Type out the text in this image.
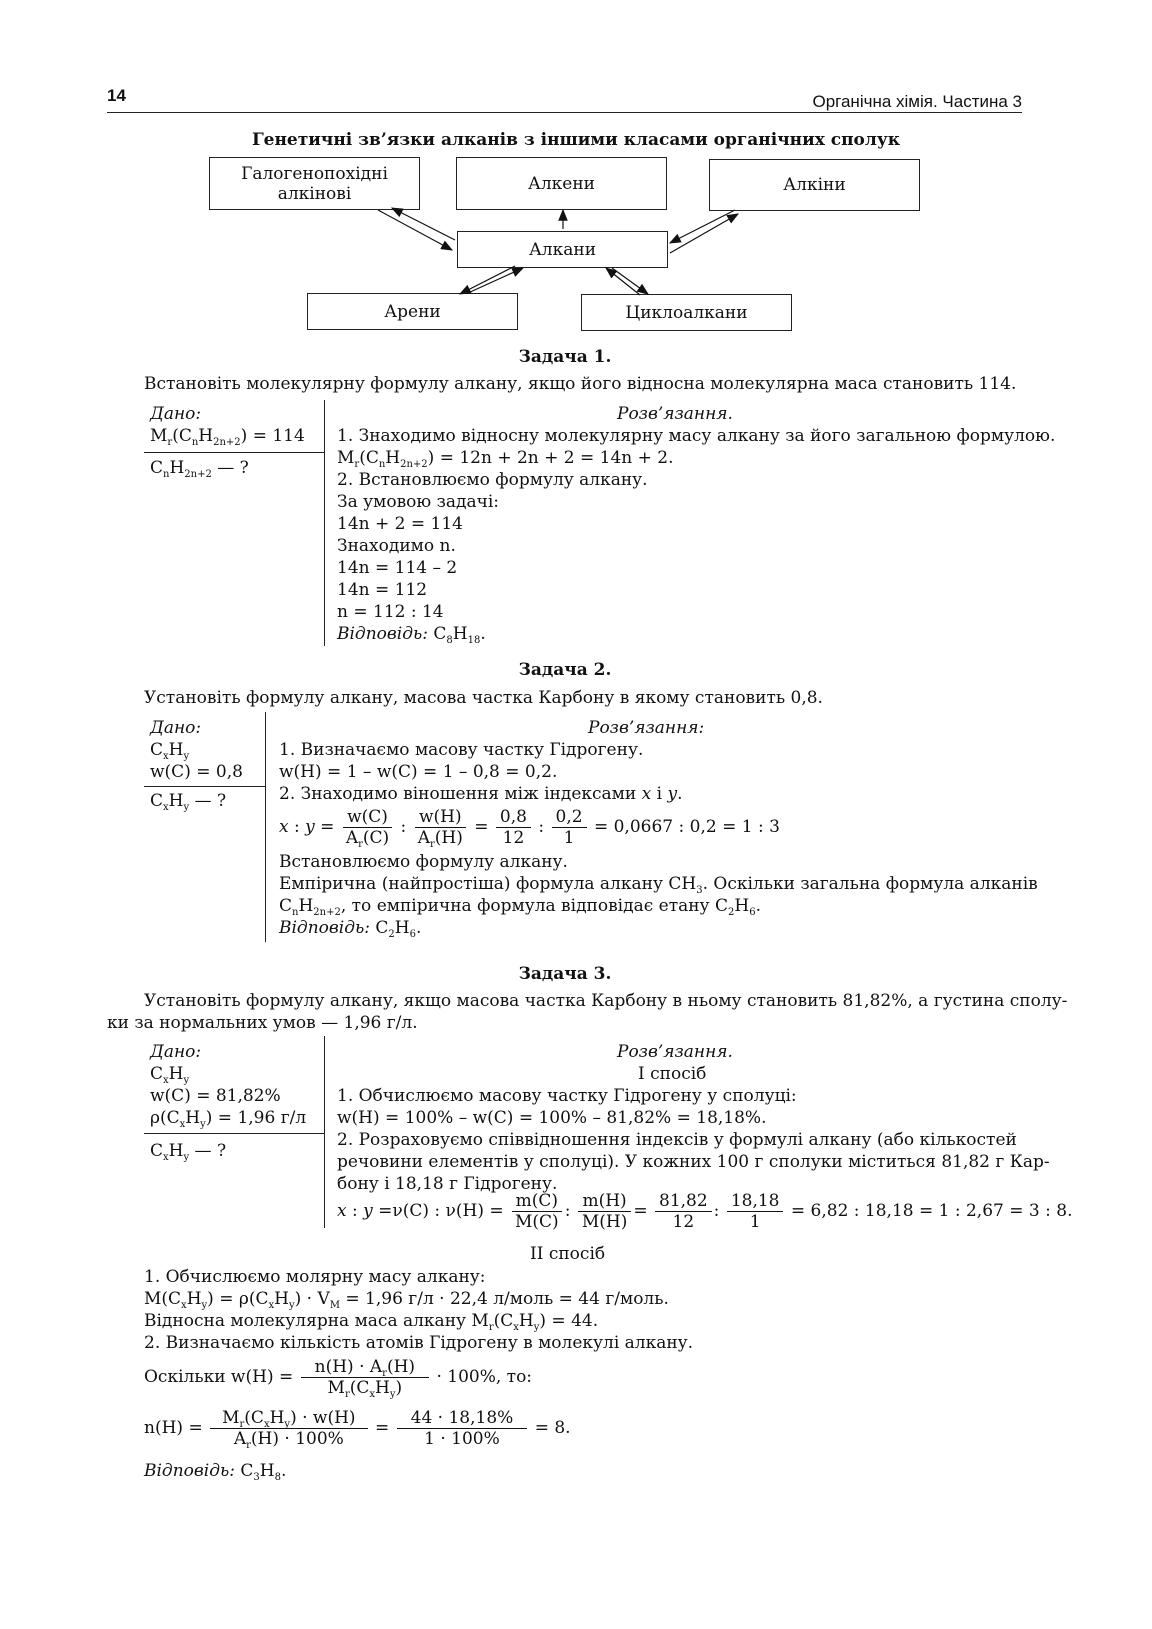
14	Органічна хімія. Частина 3
Генетичні зв’язки алканів з іншими класами органічних сполук
Галогенопохідні алкінові	Алкени	Алкіни
Алкани
Арени	Циклоалкани
Задача 1.
Встановіть молекулярну формулу алкану, якщо його відносна молекулярна маса становить 114.
Дано:
$M_r(C_nH_{2n+2}) = 114$
$C_nH_{2n+2}$ — ?
Розв’язання.
1. Знаходимо відносну молекулярну масу алкану за його загальною формулою.
$M_r(C_nH_{2n+2}) = 12n + 2n + 2 = 14n + 2$.
2. Встановлюємо формулу алкану.
За умовою задачі:
14n + 2 = 114
Знаходимо n.
14n = 114 – 2
14n = 112
n = 112 : 14
Відповідь: $C_8H_{18}$.
Задача 2.
Установіть формулу алкану, масова частка Карбону в якому становить 0,8.
Дано:
$C_xH_y$
w(C) = 0,8
$C_xH_y$ — ?
Розв’язання:
1. Визначаємо масову частку Гідрогену.
w(H) = 1 – w(C) = 1 – 0,8 = 0,2.
2. Знаходимо віношення між індексами x і y.
x : $y = \frac{w(C)}{A_r(C)}$ : $\frac{w(H)}{A_r(H)} = \frac{0,8}{12}$ : $\frac{0,2}{1} = 0,0667$ : 0,2 = 1 : 3
Встановлюємо формулу алкану.
Емпірична (найпростіша) формула алкану $CH_3$. Оскільки загальна формула алканів
$C_nH_{2n+2}$, то емпірична формула відповідає етану $C_2H_6$.
Відповідь: $C_2H_6$.
Задача 3.
Установіть формулу алкану, якщо масова частка Карбону в ньому становить 81,82%, а густина сполу-
ки за нормальних умов — 1,96 г/л.
Дано:
$C_xH_y$
w(C) = 81,82%
$\rho(C_xH_y) = 1,96$ г/л
$C_xH_y$ — ?
Розв’язання.
I спосіб
1. Обчислюємо масову частку Гідрогену у сполуці:
w(H) = 100% – w(C) = 100% – 81,82% = 18,18%.
2. Розраховуємо співвідношення індексів у формулі алкану (або кількостей
речовини елементів у сполуці). У кожних 100 г сполуки міститься 81,82 г Кар-
бону і 18,18 г Гідрогену.
x : y =ν(C) : $\nu(H) = \frac{m(C)}{M(C)}$ : $\frac{m(H)}{M(H)} = \frac{81,82}{12}$ : $\frac{18,18}{1} = 6,82$ : 18,18 = 1 : 2,67 = 3 : 8.
II спосіб
1. Обчислюємо молярну масу алкану:
$M(C_xH_y) = \rho(C_xH_y) \cdot V_M = 1,96$ г/л · 22,4 л/моль = 44 г/моль.
Відносна молекулярна маса алкану $M_r(C_xH_y) = 44$.
2. Визначаємо кількість атомів Гідрогену в молекулі алкану.
Оскільки $w(H) = \frac{n(H) \cdot A_r(H)}{M_r(C_xH_y)} \cdot 100\%$, то:
$n(H) = \frac{M_r(C_xH_y) \cdot w(H)}{A_r(H) \cdot 100\%} = \frac{44 \cdot 18,18\%}{1 \cdot 100\%} = 8$.
Відповідь: $C_3H_8$.
